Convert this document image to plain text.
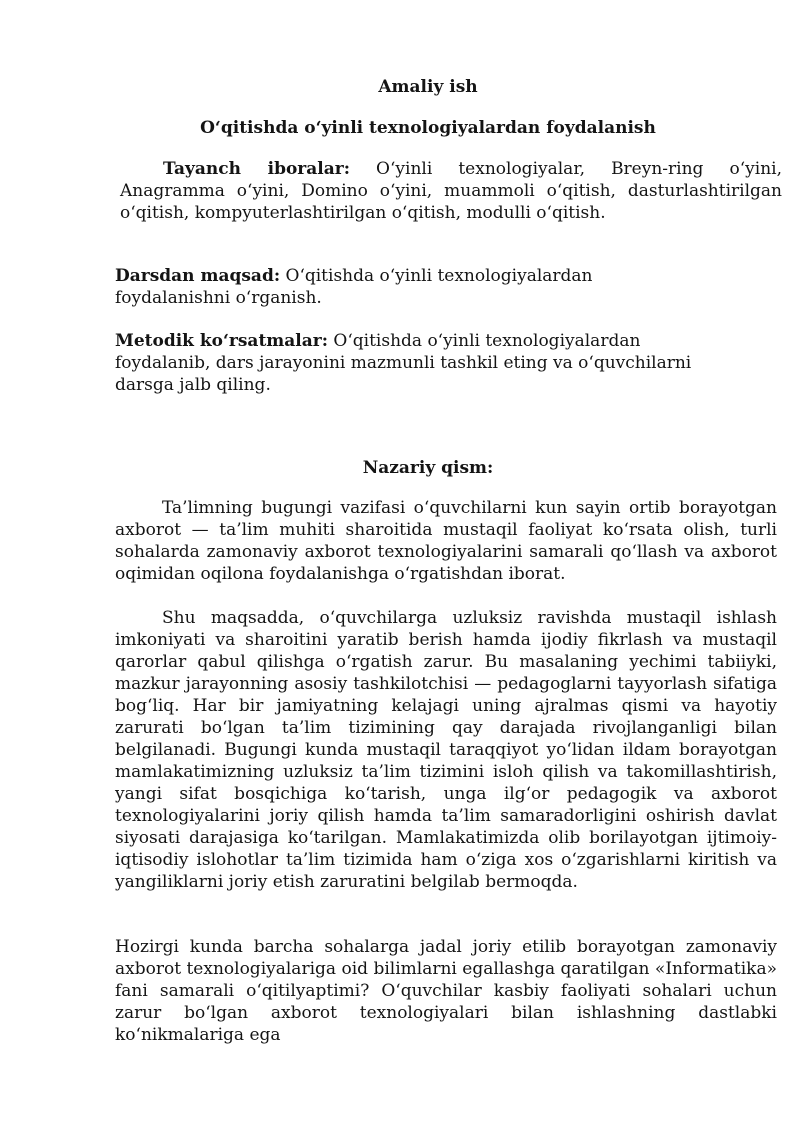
Amaliy ish
O‘qitishda o‘yinli texnologiyalardan foydalanish
Tayanch iboralar: O‘yinli texnologiyalar, Breyn-ring o‘yini, Anagramma o‘yini, Domino o‘yini, muammoli o‘qitish, dasturlashtirilgan o‘qitish, kompyuterlashtirilgan o‘qitish, modulli o‘qitish.
Darsdan maqsad: O‘qitishda o‘yinli texnologiyalardan foydalanishni o‘rganish.
Metodik ko‘rsatmalar: O‘qitishda o‘yinli texnologiyalardan foydalanib, dars jarayonini mazmunli tashkil eting va o‘quvchilarni darsga jalb qiling.
Nazariy qism:
Ta’limning bugungi vazifasi o‘quvchilarni kun sayin ortib borayotgan axborot — ta’lim muhiti sharoitida mustaqil faoliyat ko‘rsata olish, turli sohalarda zamonaviy axborot texnologiyalarini samarali qo‘llash va axborot oqimidan oqilona foydalanishga o‘rgatishdan iborat.
Shu maqsadda, o‘quvchilarga uzluksiz ravishda mustaqil ishlash imkoniyati va sharoitini yaratib berish hamda ijodiy fikrlash va mustaqil qarorlar qabul qilishga o‘rgatish zarur. Bu masalaning yechimi tabiiyki, mazkur jarayonning asosiy tashkilotchisi — pedagoglarni tayyorlash sifatiga bog‘liq. Har bir jamiyatning kelajagi uning ajralmas qismi va hayotiy zarurati bo‘lgan ta’lim tizimining qay darajada rivojlanganligi bilan belgilanadi. Bugungi kunda mustaqil taraqqiyot yo‘lidan ildam borayotgan mamlakatimizning uzluksiz ta’lim tizimini isloh qilish va takomillashtirish, yangi sifat bosqichiga ko‘tarish, unga ilg‘or pedagogik va axborot texnologiyalarini joriy qilish hamda ta’lim samaradorligini oshirish davlat siyosati darajasiga ko‘tarilgan. Mamlakatimizda olib borilayotgan ijtimoiy-iqtisodiy islohotlar ta’lim tizimida ham o‘ziga xos o‘zgarishlarni kiritish va yangiliklarni joriy etish zaruratini belgilab bermoqda.
Hozirgi kunda barcha sohalarga jadal joriy etilib borayotgan zamonaviy axborot texnologiyalariga oid bilimlarni egallashga qaratilgan «Informatika» fani samarali o‘qitilyaptimi? O‘quvchilar kasbiy faoliyati sohalari uchun zarur bo‘lgan axborot texnologiyalari bilan ishlashning dastlabki ko‘nikmalariga ega
